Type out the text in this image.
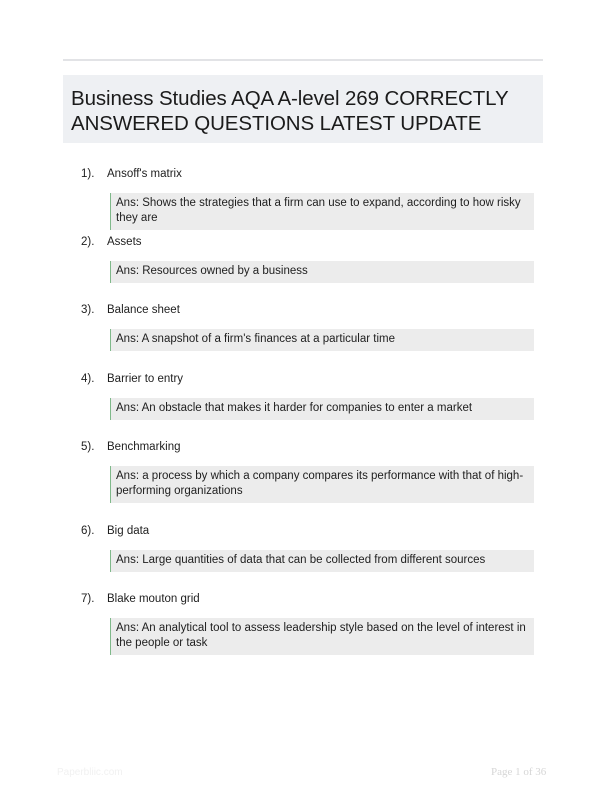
Business Studies AQA A-level 269 CORRECTLY ANSWERED QUESTIONS LATEST UPDATE
1). Ansoff's matrix
Ans: Shows the strategies that a firm can use to expand, according to how risky they are
2). Assets
Ans: Resources owned by a business
3). Balance sheet
Ans: A snapshot of a firm's finances at a particular time
4). Barrier to entry
Ans: An obstacle that makes it harder for companies to enter a market
5). Benchmarking
Ans: a process by which a company compares its performance with that of high-performing organizations
6). Big data
Ans: Large quantities of data that can be collected from different sources
7). Blake mouton grid
Ans: An analytical tool to assess leadership style based on the level of interest in the people or task
Paperbliic.com	Page 1 of 36
